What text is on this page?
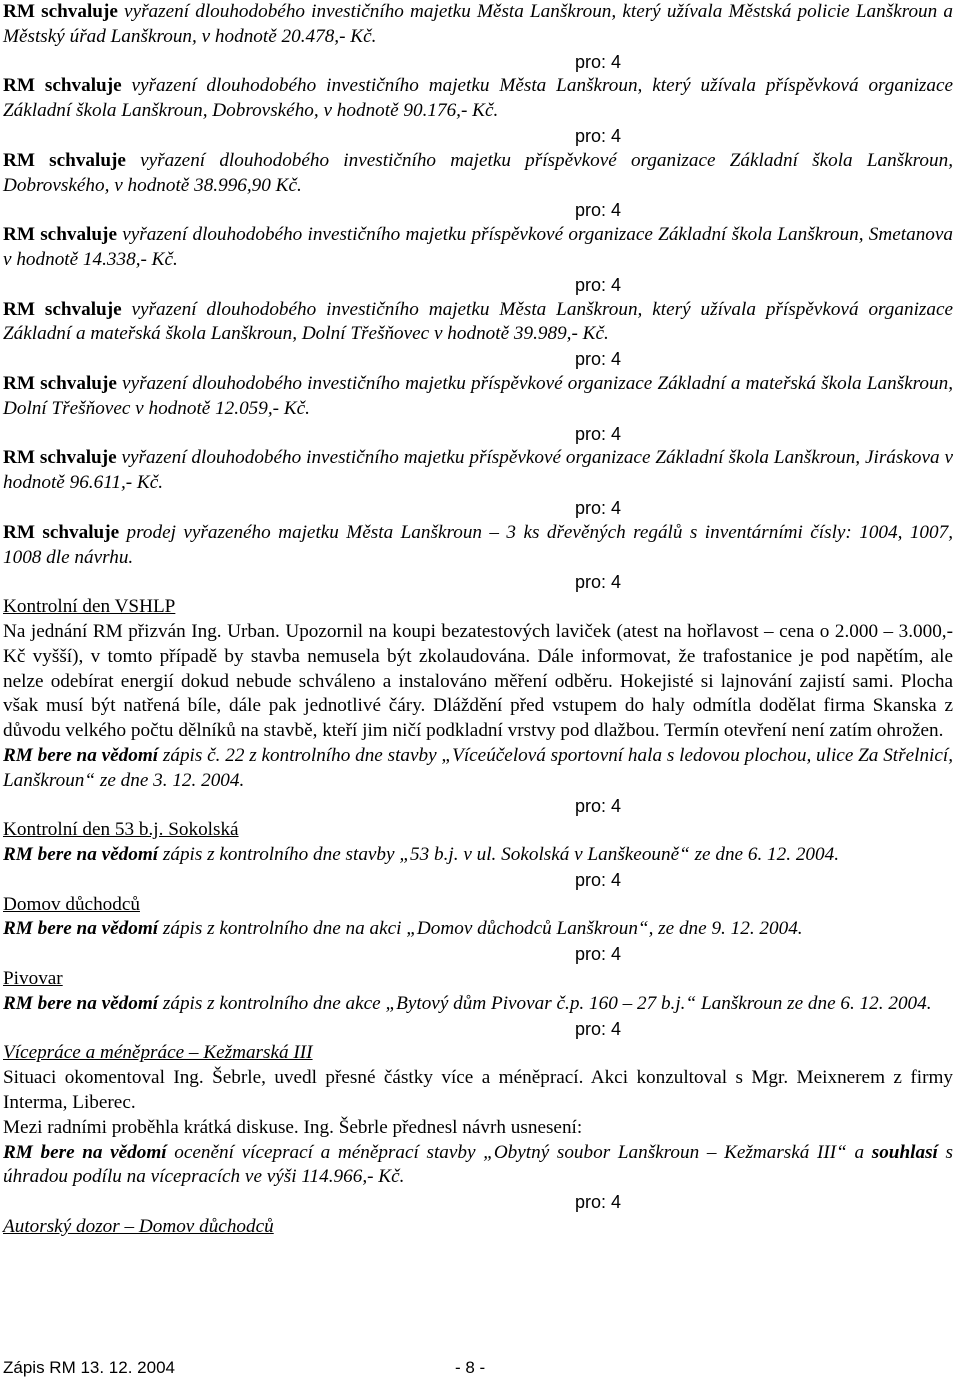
RM schvaluje vyřazení dlouhodobého investičního majetku Města Lanškroun, který užívala Městská policie Lanškroun a Městský úřad Lanškroun, v hodnotě 20.478,- Kč.

pro: 4

RM schvaluje vyřazení dlouhodobého investičního majetku Města Lanškroun, který užívala příspěvková organizace Základní škola Lanškroun, Dobrovského, v hodnotě 90.176,- Kč.

pro: 4

RM schvaluje vyřazení dlouhodobého investičního majetku příspěvkové organizace Základní škola Lanškroun, Dobrovského, v hodnotě 38.996,90 Kč.

pro: 4

RM schvaluje vyřazení dlouhodobého investičního majetku příspěvkové organizace Základní škola Lanškroun, Smetanova v hodnotě 14.338,- Kč.

pro: 4

RM schvaluje vyřazení dlouhodobého investičního majetku Města Lanškroun, který užívala příspěvková organizace Základní a mateřská škola Lanškroun, Dolní Třešňovec v hodnotě 39.989,- Kč.

pro: 4

RM schvaluje vyřazení dlouhodobého investičního majetku příspěvkové organizace Základní a mateřská škola Lanškroun, Dolní Třešňovec v hodnotě 12.059,- Kč.

pro: 4

RM schvaluje vyřazení dlouhodobého investičního majetku příspěvkové organizace Základní škola Lanškroun, Jiráskova v hodnotě 96.611,- Kč.

pro: 4

RM schvaluje prodej vyřazeného majetku Města Lanškroun – 3 ks dřevěných regálů s inventárními čísly: 1004, 1007, 1008 dle návrhu.

pro: 4

Kontrolní den VSHLP

Na jednání RM přizván Ing. Urban. Upozornil na koupi bezatestových laviček (atest na hořlavost – cena o 2.000 – 3.000,-Kč vyšší), v tomto případě by stavba nemusela být zkolaudována. Dále informovat, že trafostanice je pod napětím, ale nelze odebírat energií dokud nebude schváleno a instalováno měření odběru. Hokejisté si lajnování zajistí sami. Plocha však musí být natřená bíle, dále pak jednotlivé čáry. Dláždění před vstupem do haly odmítla dodělat firma Skanska z důvodu velkého počtu dělníků na stavbě, kteří jim ničí podkladní vrstvy pod dlažbou. Termín otevření není zatím ohrožen.

RM bere na vědomí zápis č. 22 z kontrolního dne stavby „Víceúčelová sportovní hala s ledovou plochou, ulice Za Střelnicí, Lanškroun“ ze dne 3. 12. 2004.

pro: 4

Kontrolní den 53 b.j. Sokolská

RM bere na vědomí zápis z kontrolního dne stavby „53 b.j. v ul. Sokolská v Lanškeouně“ ze dne 6. 12. 2004.

pro: 4

Domov důchodců

RM bere na vědomí zápis z kontrolního dne na akci „Domov důchodců Lanškroun“, ze dne 9. 12. 2004.

pro: 4

Pivovar

RM bere na vědomí zápis z kontrolního dne akce „Bytový dům Pivovar č.p. 160 – 27 b.j.“ Lanškroun ze dne 6. 12. 2004.

pro: 4

Vícepráce a méněpráce – Kežmarská III

Situaci okomentoval Ing. Šebrle, uvedl přesné částky více a méněprací. Akci konzultoval s Mgr. Meixnerem z firmy Interma, Liberec.

Mezi radními proběhla krátká diskuse. Ing. Šebrle přednesl návrh usnesení:

RM bere na vědomí ocenění víceprací a méněprací stavby „Obytný soubor Lanškroun – Kežmarská III“ a souhlasí s úhradou podílu na vícepracích ve výši 114.966,- Kč.

pro: 4

Autorský dozor – Domov důchodců

Zápis RM 13. 12. 2004	- 8 -
